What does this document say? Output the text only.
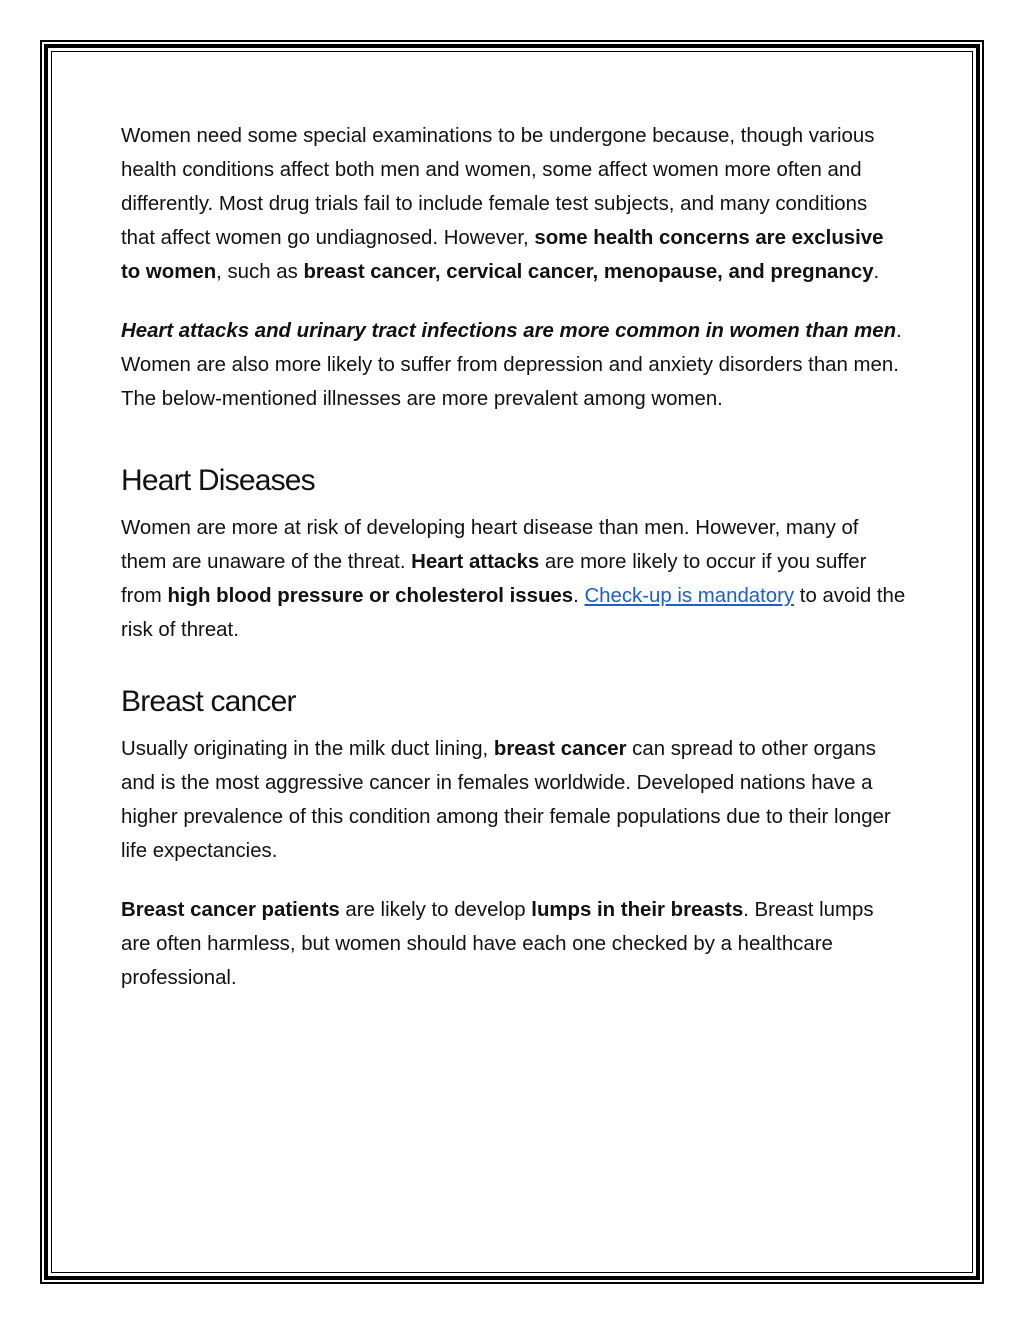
Women need some special examinations to be undergone because, though various health conditions affect both men and women, some affect women more often and differently. Most drug trials fail to include female test subjects, and many conditions that affect women go undiagnosed. However, some health concerns are exclusive to women, such as breast cancer, cervical cancer, menopause, and pregnancy.

Heart attacks and urinary tract infections are more common in women than men. Women are also more likely to suffer from depression and anxiety disorders than men. The below-mentioned illnesses are more prevalent among women.

Heart Diseases

Women are more at risk of developing heart disease than men. However, many of them are unaware of the threat. Heart attacks are more likely to occur if you suffer from high blood pressure or cholesterol issues. Check-up is mandatory to avoid the risk of threat.

Breast cancer

Usually originating in the milk duct lining, breast cancer can spread to other organs and is the most aggressive cancer in females worldwide. Developed nations have a higher prevalence of this condition among their female populations due to their longer life expectancies.

Breast cancer patients are likely to develop lumps in their breasts. Breast lumps are often harmless, but women should have each one checked by a healthcare professional.
